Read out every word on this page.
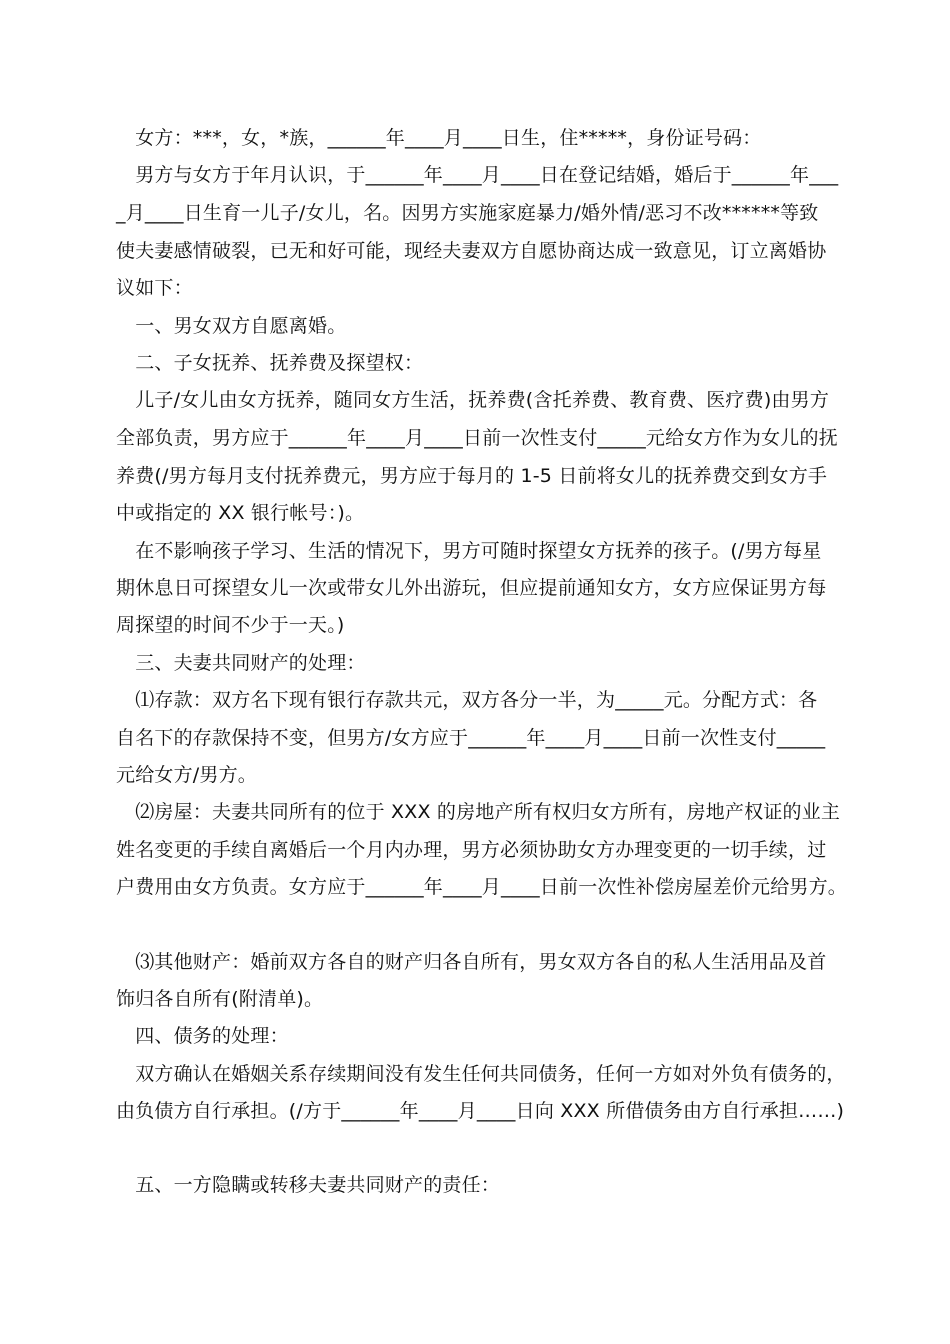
　女方：***，女，*族，______年____月____日生，住*****，身份证号码：
　男方与女方于年月认识，于______年____月____日在登记结婚，婚后于______年___
_月____日生育一儿子/女儿，名。因男方实施家庭暴力/婚外情/恶习不改******等致
使夫妻感情破裂，已无和好可能，现经夫妻双方自愿协商达成一致意见，订立离婚协
议如下：
　一、男女双方自愿离婚。
　二、子女抚养、抚养费及探望权：
　儿子/女儿由女方抚养，随同女方生活，抚养费(含托养费、教育费、医疗费)由男方
全部负责，男方应于______年____月____日前一次性支付_____元给女方作为女儿的抚
养费(/男方每月支付抚养费元，男方应于每月的 1-5 日前将女儿的抚养费交到女方手
中或指定的 XX 银行帐号：)。
　在不影响孩子学习、生活的情况下，男方可随时探望女方抚养的孩子。(/男方每星
期休息日可探望女儿一次或带女儿外出游玩，但应提前通知女方，女方应保证男方每
周探望的时间不少于一天。)
　三、夫妻共同财产的处理：
　⑴存款：双方名下现有银行存款共元，双方各分一半，为_____元。分配方式：各
自名下的存款保持不变，但男方/女方应于______年____月____日前一次性支付_____
元给女方/男方。
　⑵房屋：夫妻共同所有的位于 XXX 的房地产所有权归女方所有，房地产权证的业主
姓名变更的手续自离婚后一个月内办理，男方必须协助女方办理变更的一切手续，过
户费用由女方负责。女方应于______年____月____日前一次性补偿房屋差价元给男方。
　⑶其他财产：婚前双方各自的财产归各自所有，男女双方各自的私人生活用品及首
饰归各自所有(附清单)。
　四、债务的处理：
　双方确认在婚姻关系存续期间没有发生任何共同债务，任何一方如对外负有债务的，
由负债方自行承担。(/方于______年____月____日向 XXX 所借债务由方自行承担……)
　五、一方隐瞒或转移夫妻共同财产的责任：
